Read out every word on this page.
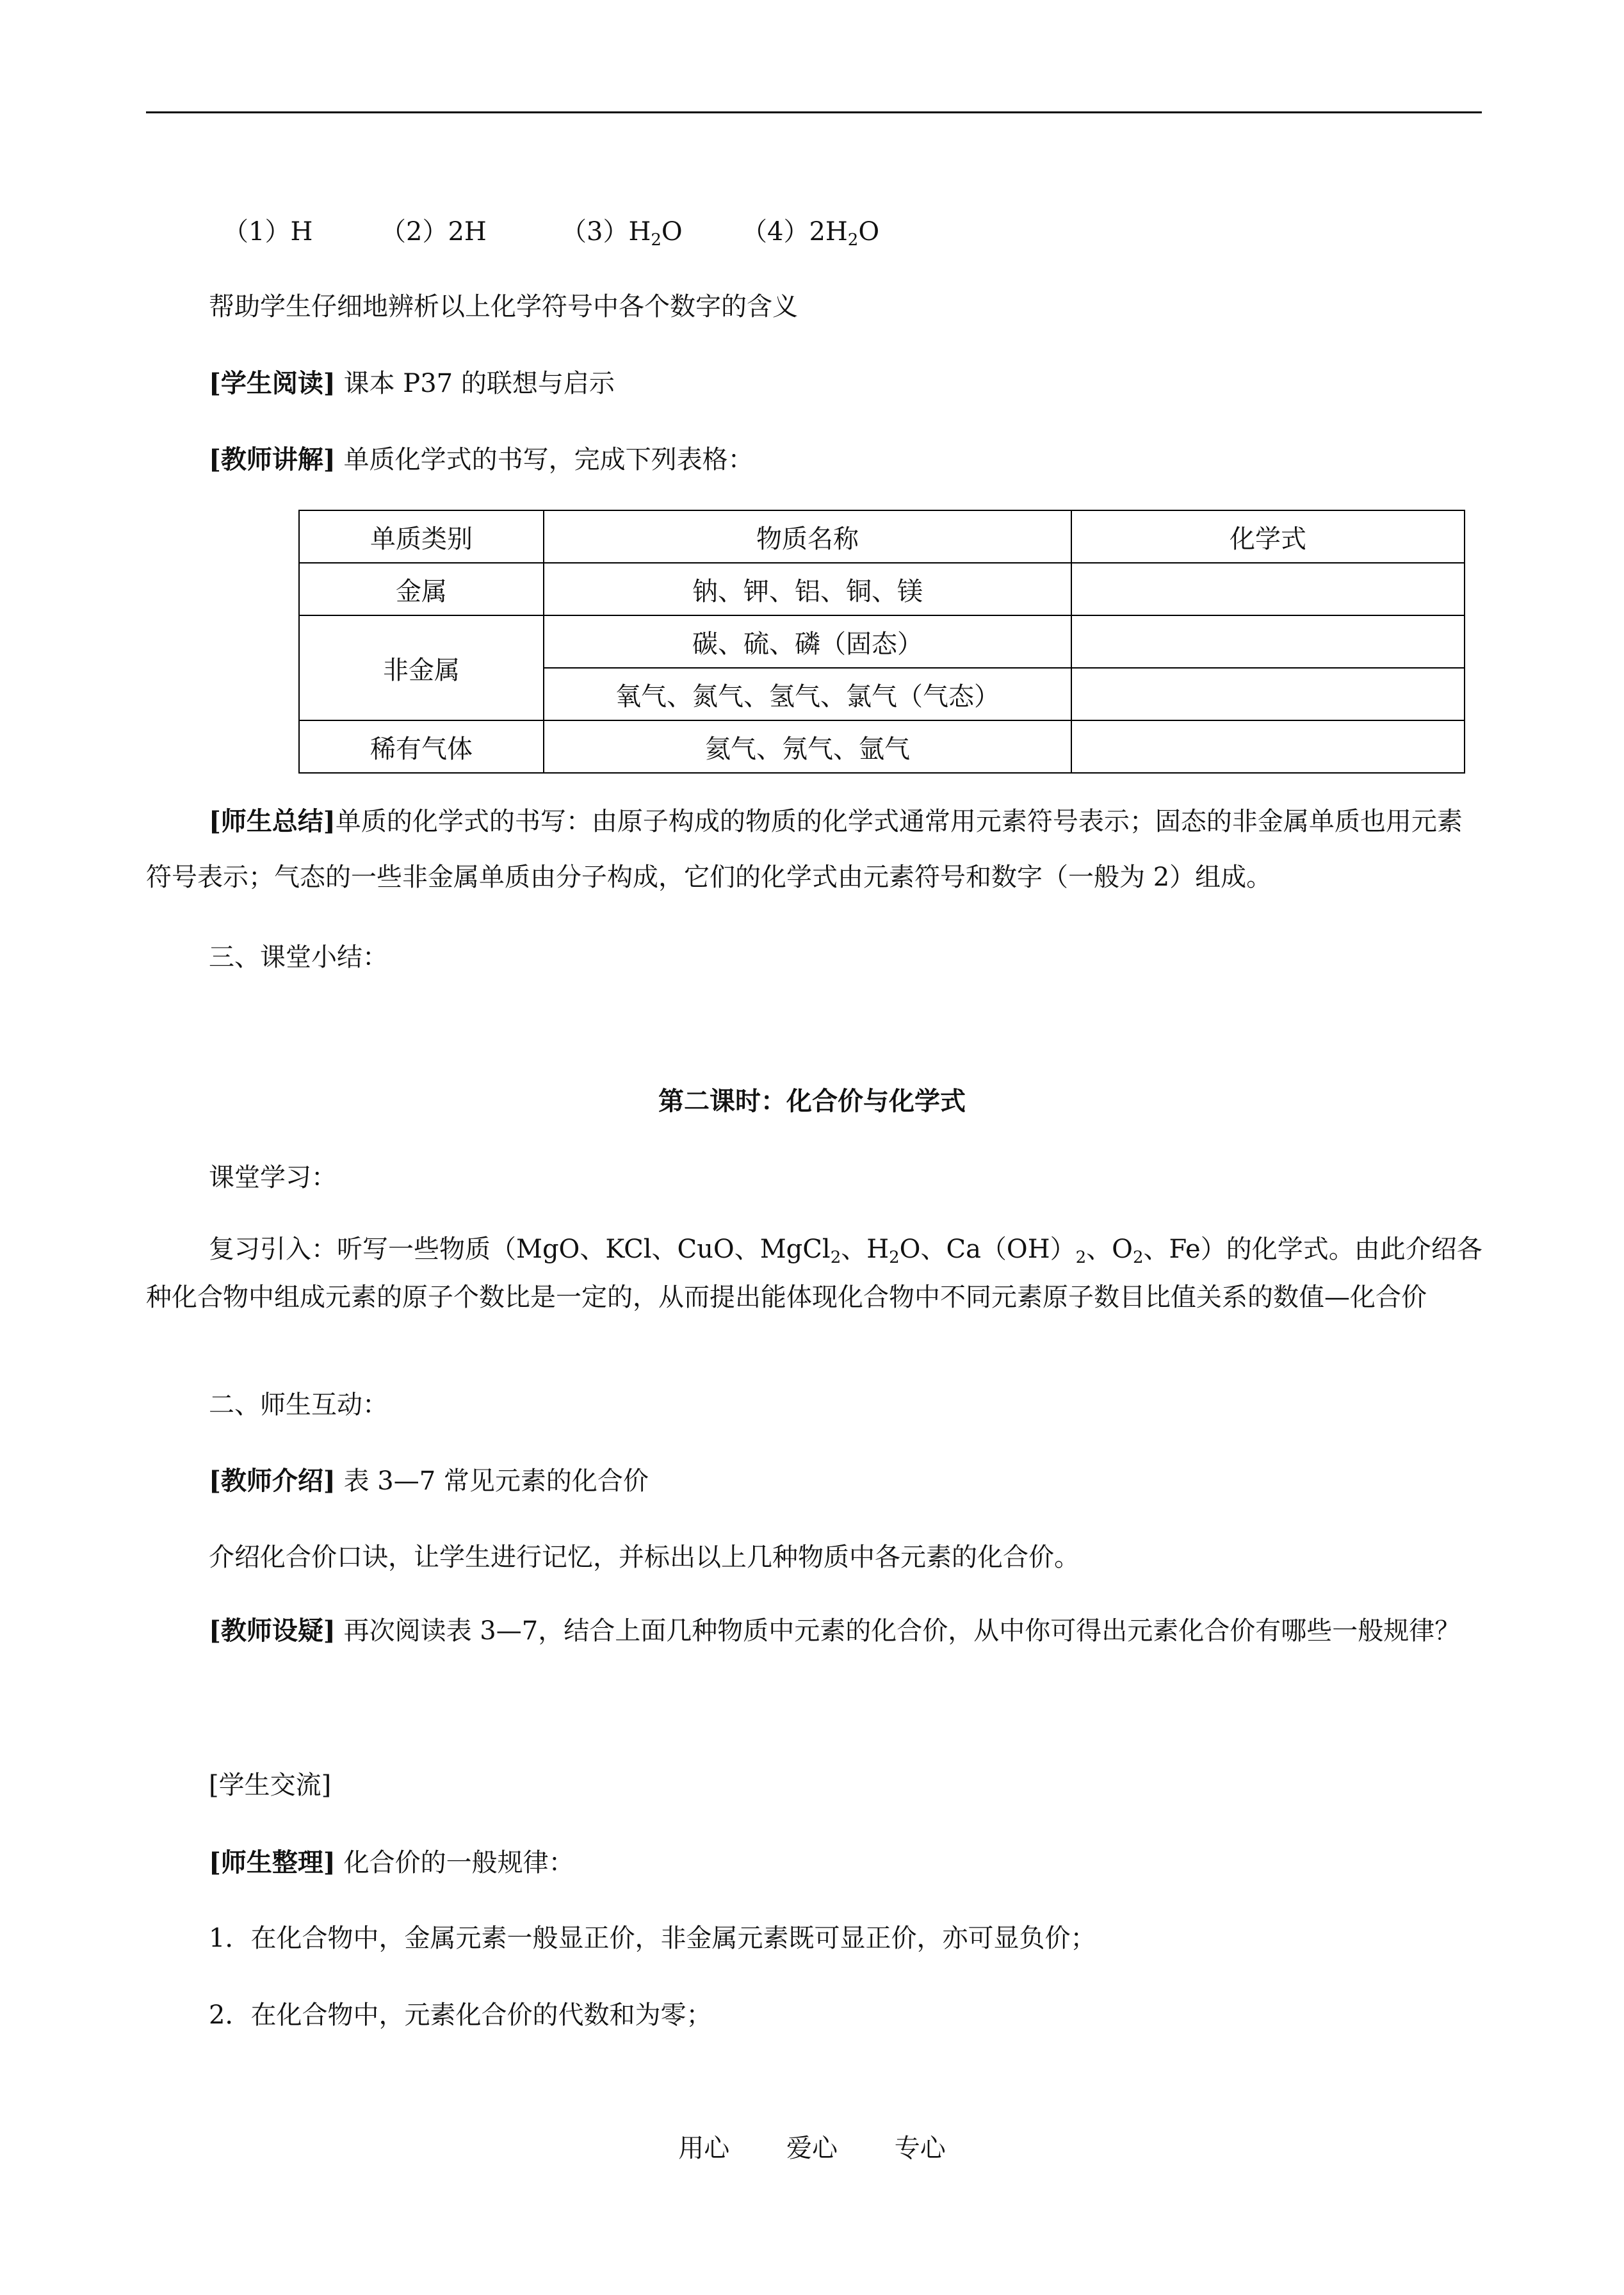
（1）H	（2）2H	$(3)H_2O$ $(4)2H_2O$
帮助学生仔细地辨析以上化学符号中各个数字的含义
[学生阅读] 课本 P37 的联想与启示
[教师讲解] 单质化学式的书写，完成下列表格：
单质类别	物质名称	化学式
金属	钠、钾、铝、铜、镁	
非金属	碳、硫、磷（固态）	
	氧气、氮气、氢气、氯气（气态）	
稀有气体	氦气、氖气、氩气	
[师生总结]单质的化学式的书写：由原子构成的物质的化学式通常用元素符号表示；固态的非金属单质也用元素符号表示；气态的一些非金属单质由分子构成，它们的化学式由元素符号和数字（一般为 2）组成。
三、课堂小结：
第二课时：化合价与化学式
课堂学习：
复习引入：听写一些物质（MgO、KCl、CuO、MgCl$_2$、$H_2O$、$Ca(OH)_2$、$O_2$、Fe）的化学式。由此介绍各种化合物中组成元素的原子个数比是一定的，从而提出能体现化合物中不同元素原子数目比值关系的数值—化合价
二、师生互动：
[教师介绍] 表 3—7 常见元素的化合价
介绍化合价口诀，让学生进行记忆，并标出以上几种物质中各元素的化合价。
[教师设疑] 再次阅读表 3—7，结合上面几种物质中元素的化合价，从中你可得出元素化合价有哪些一般规律？
[学生交流]
[师生整理] 化合价的一般规律：
1．在化合物中，金属元素一般显正价，非金属元素既可显正价，亦可显负价；
2．在化合物中，元素化合价的代数和为零；
用心 爱心 专心
